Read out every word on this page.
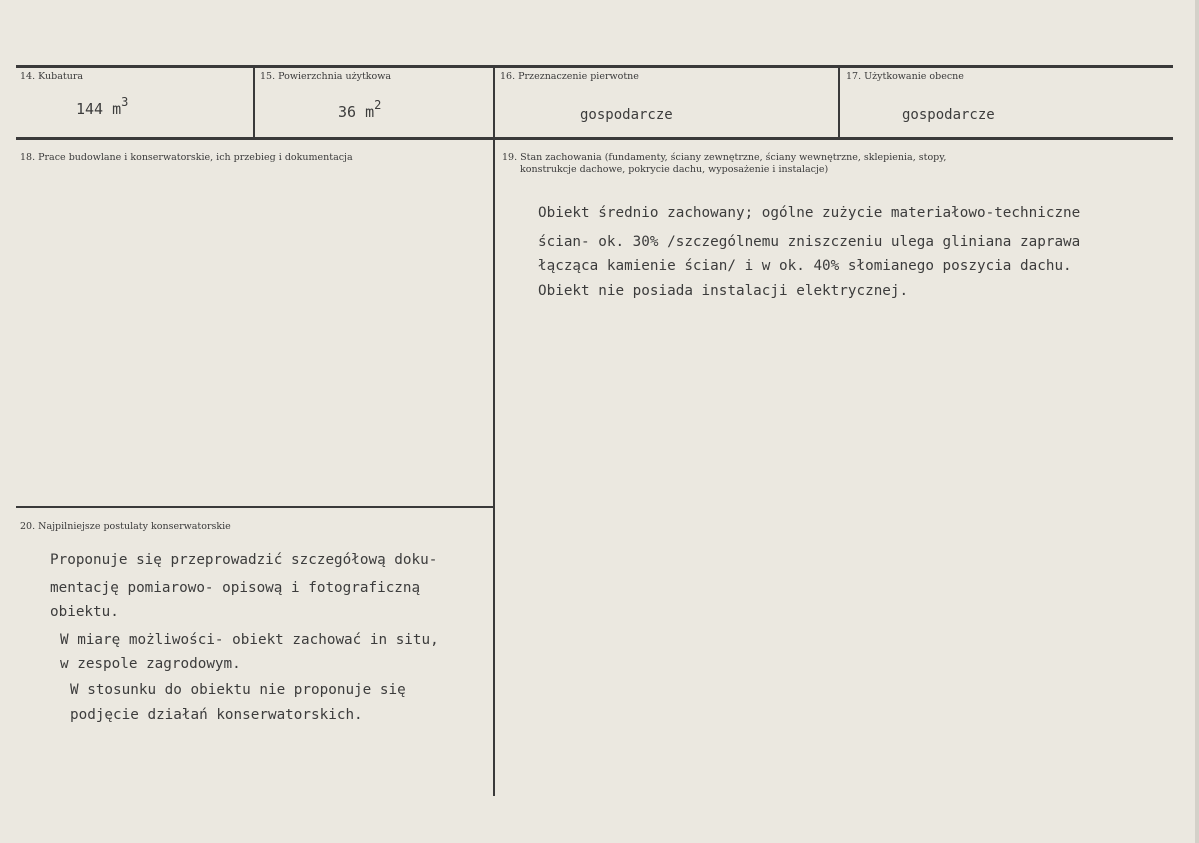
14. Kubatura
144 $m^3$
15. Powierzchnia użytkowa
36 $m^2$
16. Przeznaczenie pierwotne
gospodarcze
17. Użytkowanie obecne
gospodarcze
18. Prace budowlane i konserwatorskie, ich przebieg i dokumentacja	19. Stan zachowania (fundamenty, ściany zewnętrzne, ściany wewnętrzne, sklepienia, stopy,
konstrukcje dachowe, pokrycie dachu, wyposażenie i instalacje)
Obiekt średnio zachowany; ogólne zużycie materiałowo-techniczne
ścian- ok. 30% /szczególnemu zniszczeniu ulega gliniana zaprawa
łącząca kamienie ścian/ i w ok. 40% słomianego poszycia dachu.
Obiekt nie posiada instalacji elektrycznej.
20. Najpilniejsze postulaty konserwatorskie
Proponuje się przeprowadzić szczegółową doku-
mentację pomiarowo- opisową i fotograficzną
obiektu.
W miarę możliwości- obiekt zachować in situ,
w zespole zagrodowym.
W stosunku do obiektu nie proponuje się
podjęcie działań konserwatorskich.
